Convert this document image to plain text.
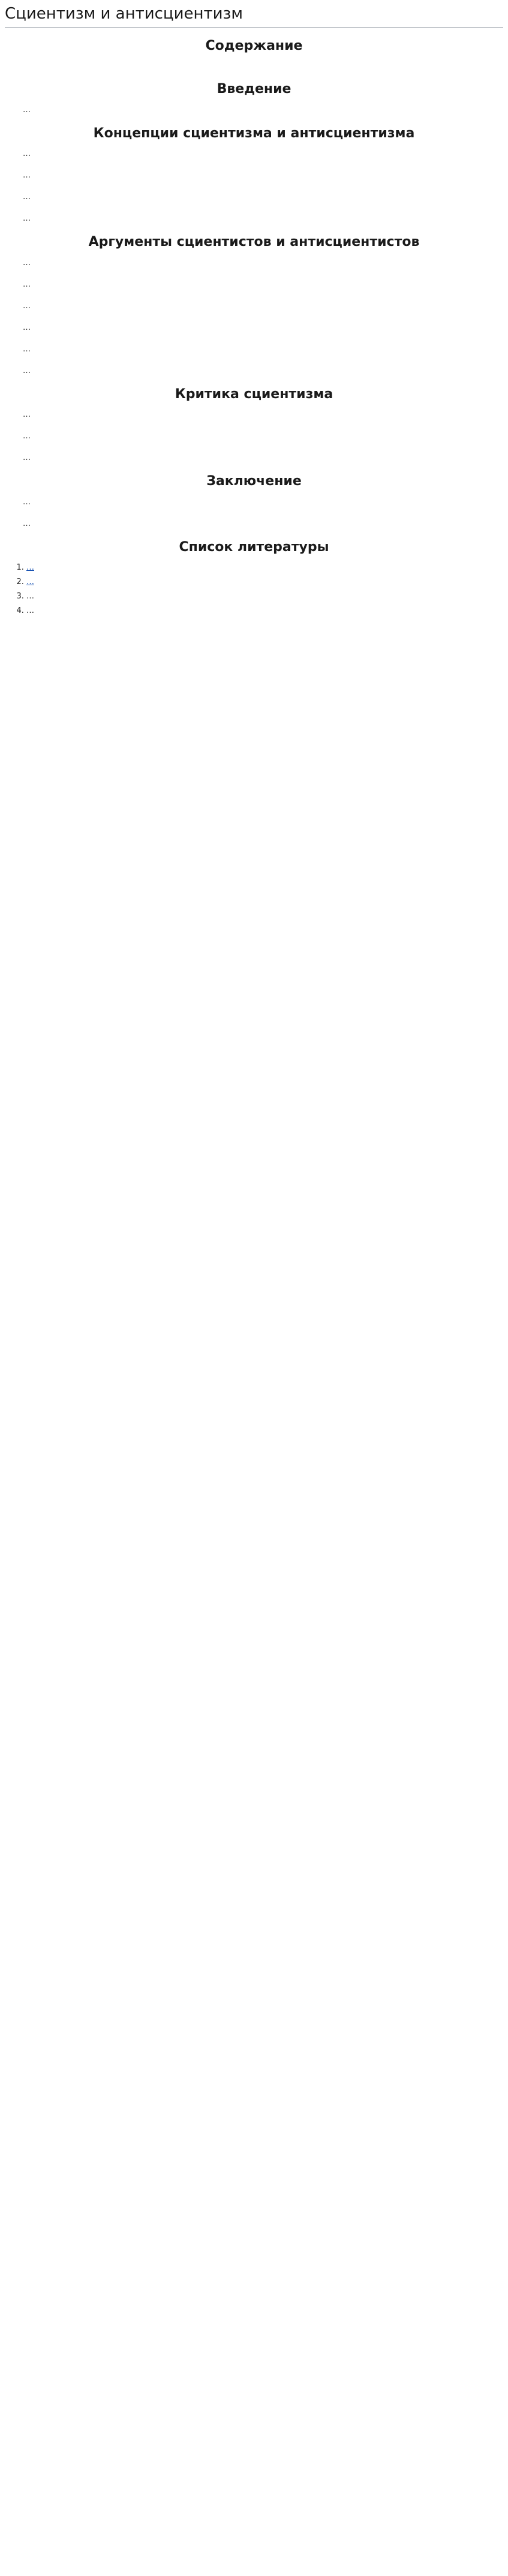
Сциентизм и антисциентизм
Содержание
Введение

…

Концепции сциентизма и антисциентизма

…

…

…

…

Аргументы сциентистов и антисциентистов

…

…

…

…

…

…

Критика сциентизма

…

…

…

Заключение

…

…

Список литературы
1. …
2. …
3. …
4. …
